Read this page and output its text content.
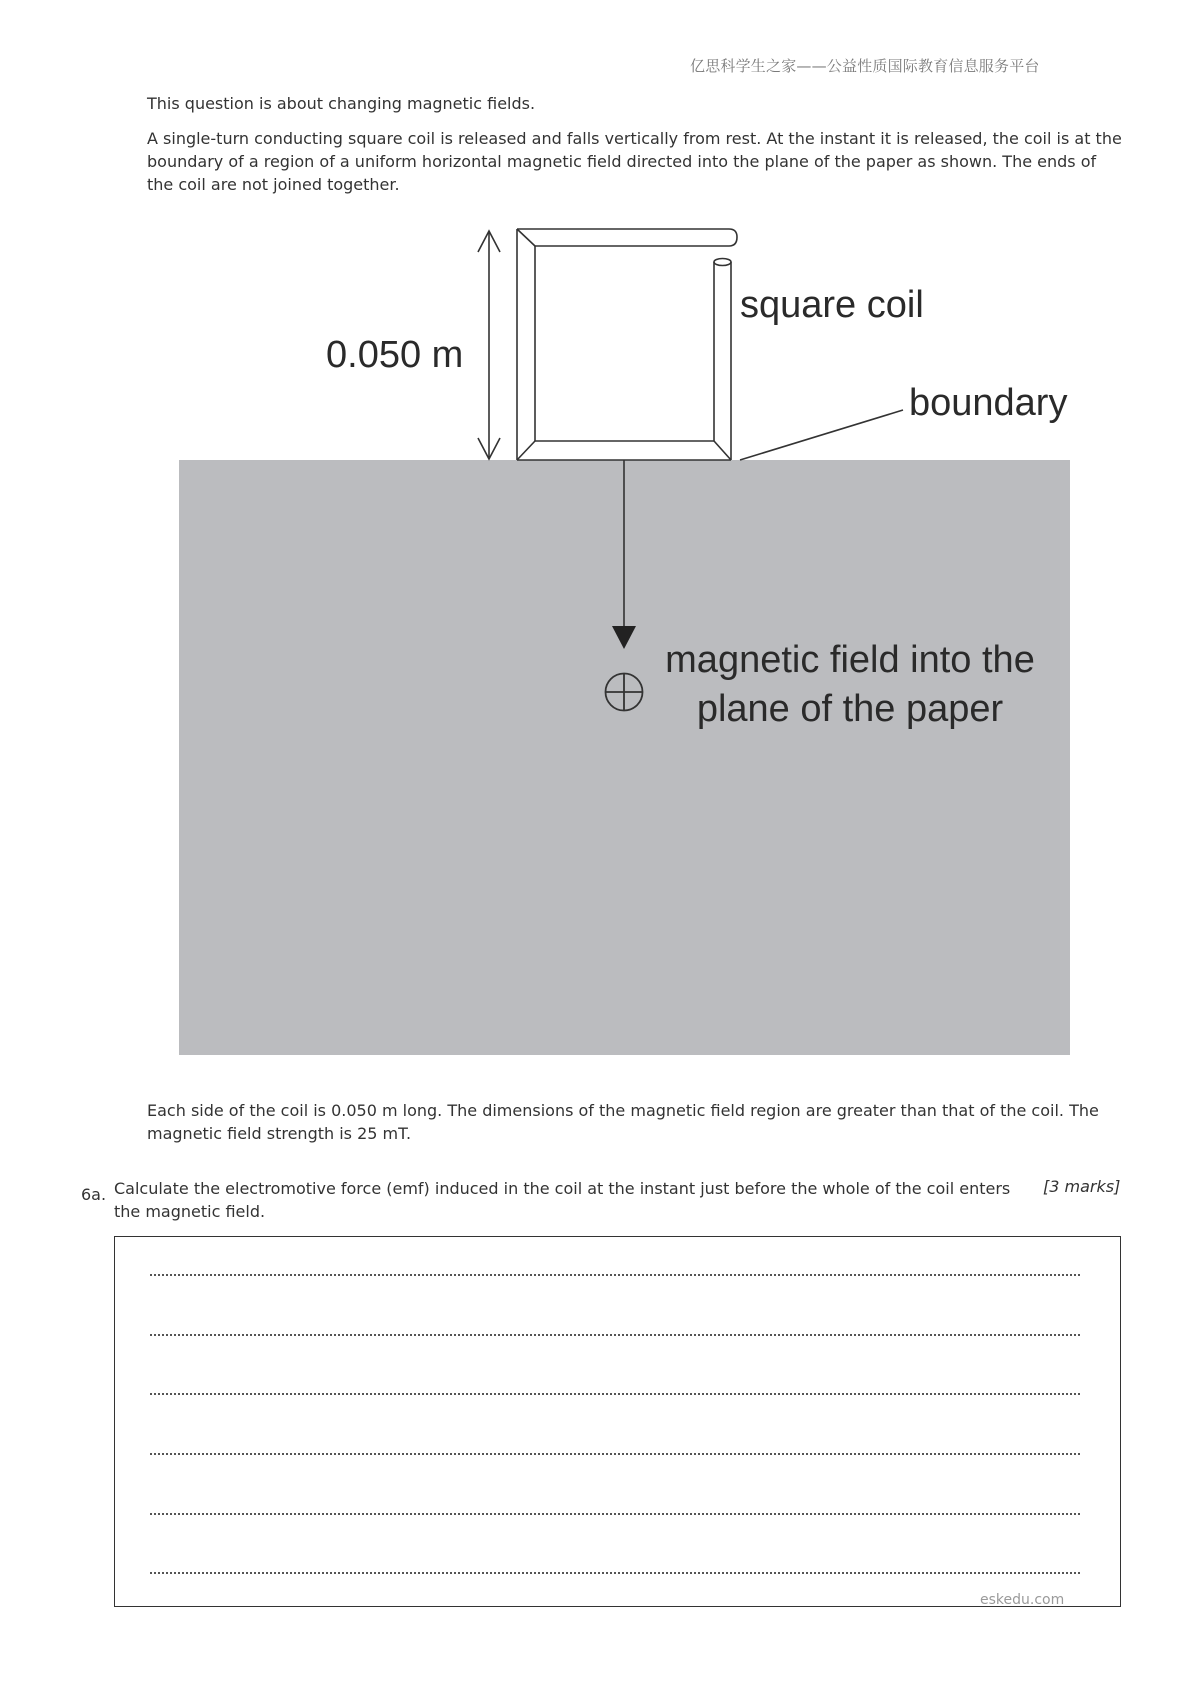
亿思科学生之家——公益性质国际教育信息服务平台
This question is about changing magnetic fields.

A single-turn conducting square coil is released and falls vertically from rest. At the instant it is released, the coil is at the boundary of a region of a uniform horizontal magnetic field directed into the plane of the paper as shown. The ends of the coil are not joined together.

0.050 m
square coil
boundary
magnetic field into the
plane of the paper

Each side of the coil is 0.050 m long. The dimensions of the magnetic field region are greater than that of the coil. The magnetic field strength is 25 mT.

6a. Calculate the electromotive force (emf) induced in the coil at the instant just before the whole of the coil enters the magnetic field.
[3 marks]
eskedu.com
